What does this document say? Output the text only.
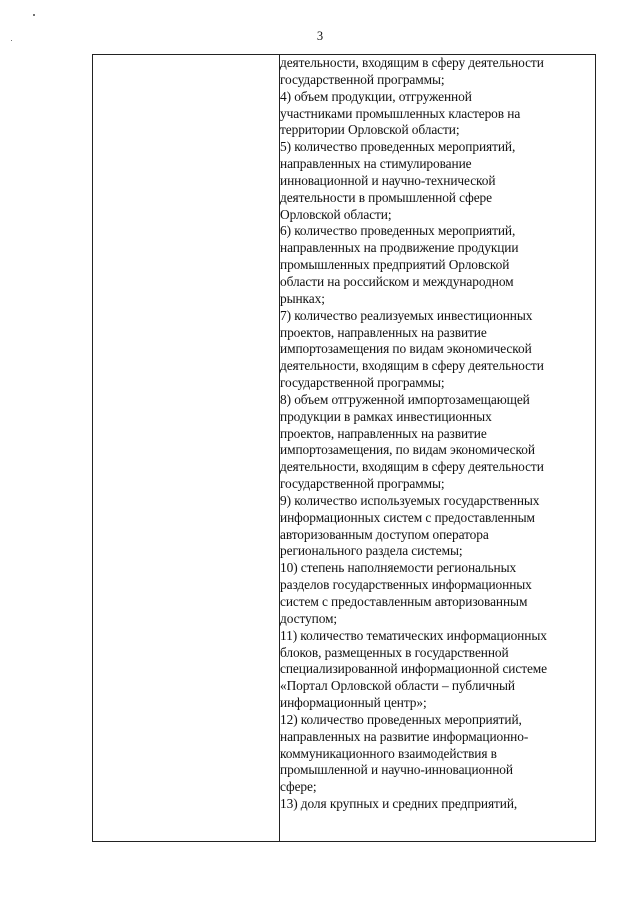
3

деятельности, входящим в сферу деятельности
государственной программы;
4) объем продукции, отгруженной
участниками промышленных кластеров на
территории Орловской области;
5) количество проведенных мероприятий,
направленных на стимулирование
инновационной и научно-технической
деятельности в промышленной сфере
Орловской области;
6) количество проведенных мероприятий,
направленных на продвижение продукции
промышленных предприятий Орловской
области на российском и международном
рынках;
7) количество реализуемых инвестиционных
проектов, направленных на развитие
импортозамещения по видам экономической
деятельности, входящим в сферу деятельности
государственной программы;
8) объем отгруженной импортозамещающей
продукции в рамках инвестиционных
проектов, направленных на развитие
импортозамещения, по видам экономической
деятельности, входящим в сферу деятельности
государственной программы;
9) количество используемых государственных
информационных систем с предоставленным
авторизованным доступом оператора
регионального раздела системы;
10) степень наполняемости региональных
разделов государственных информационных
систем с предоставленным авторизованным
доступом;
11) количество тематических информационных
блоков, размещенных в государственной
специализированной информационной системе
«Портал Орловской области – публичный
информационный центр»;
12) количество проведенных мероприятий,
направленных на развитие информационно-
коммуникационного взаимодействия в
промышленной и научно-инновационной
сфере;
13) доля крупных и средних предприятий,
